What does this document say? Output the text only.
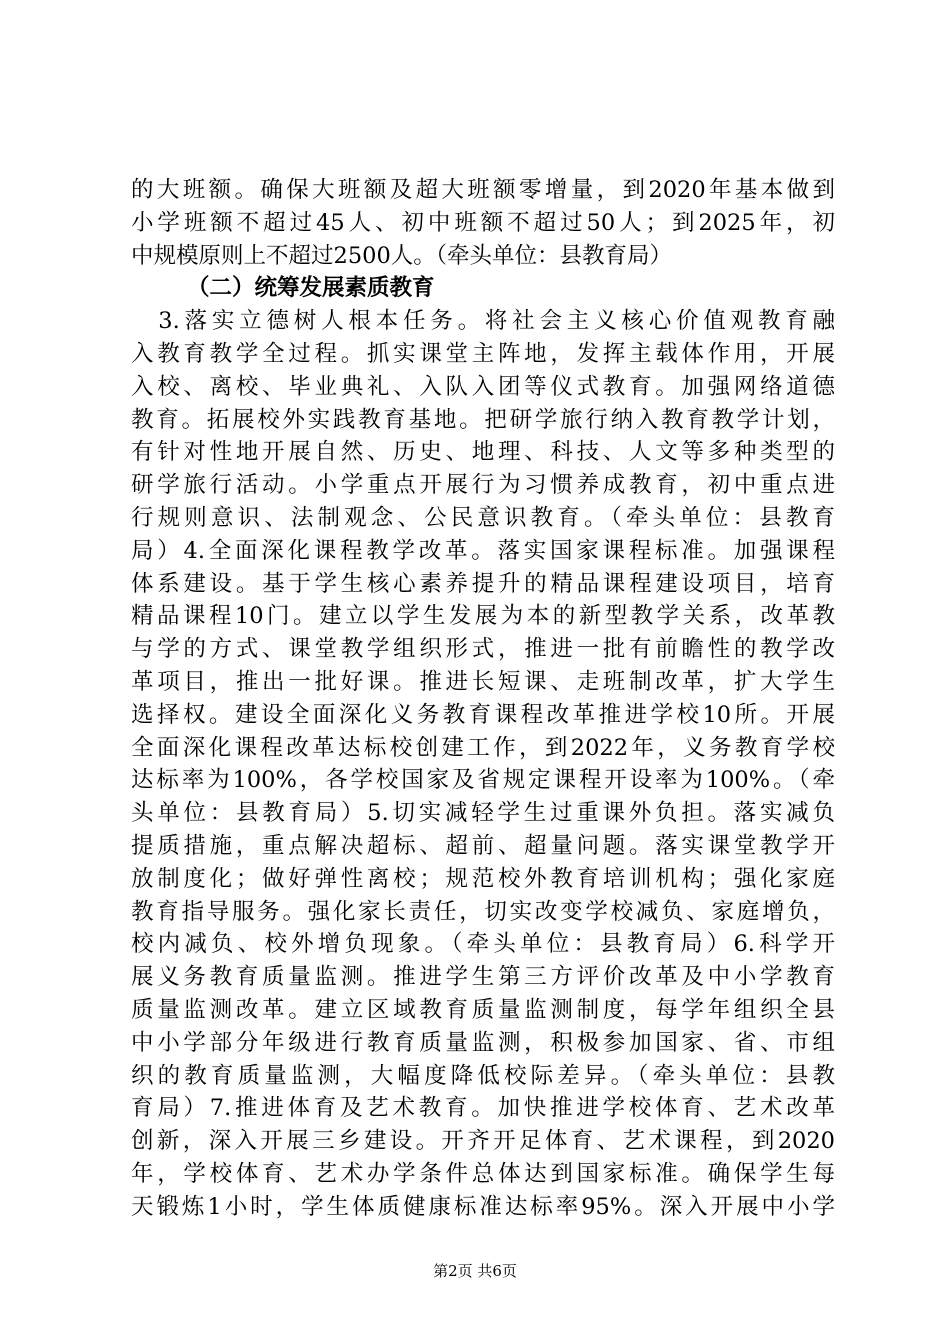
的大班额。确保大班额及超大班额零增量，到2020年基本做到
小学班额不超过45人、初中班额不超过50人；到2025年，初
中规模原则上不超过2500人。（牵头单位：县教育局）
（二）统筹发展素质教育
　3.落实立德树人根本任务。将社会主义核心价值观教育融
入教育教学全过程。抓实课堂主阵地，发挥主载体作用，开展
入校、离校、毕业典礼、入队入团等仪式教育。加强网络道德
教育。拓展校外实践教育基地。把研学旅行纳入教育教学计划，
有针对性地开展自然、历史、地理、科技、人文等多种类型的
研学旅行活动。小学重点开展行为习惯养成教育，初中重点进
行规则意识、法制观念、公民意识教育。（牵头单位：县教育
局）4.全面深化课程教学改革。落实国家课程标准。加强课程
体系建设。基于学生核心素养提升的精品课程建设项目，培育
精品课程10门。建立以学生发展为本的新型教学关系，改革教
与学的方式、课堂教学组织形式，推进一批有前瞻性的教学改
革项目，推出一批好课。推进长短课、走班制改革，扩大学生
选择权。建设全面深化义务教育课程改革推进学校10所。开展
全面深化课程改革达标校创建工作，到2022年，义务教育学校
达标率为100%，各学校国家及省规定课程开设率为100%。（牵
头单位：县教育局）5.切实减轻学生过重课外负担。落实减负
提质措施，重点解决超标、超前、超量问题。落实课堂教学开
放制度化；做好弹性离校；规范校外教育培训机构；强化家庭
教育指导服务。强化家长责任，切实改变学校减负、家庭增负，
校内减负、校外增负现象。（牵头单位：县教育局）6.科学开
展义务教育质量监测。推进学生第三方评价改革及中小学教育
质量监测改革。建立区域教育质量监测制度，每学年组织全县
中小学部分年级进行教育质量监测，积极参加国家、省、市组
织的教育质量监测，大幅度降低校际差异。（牵头单位：县教
育局）7.推进体育及艺术教育。加快推进学校体育、艺术改革
创新，深入开展三乡建设。开齐开足体育、艺术课程，到2020
年，学校体育、艺术办学条件总体达到国家标准。确保学生每
天锻炼1小时，学生体质健康标准达标率95%。深入开展中小学
第2页 共6页
